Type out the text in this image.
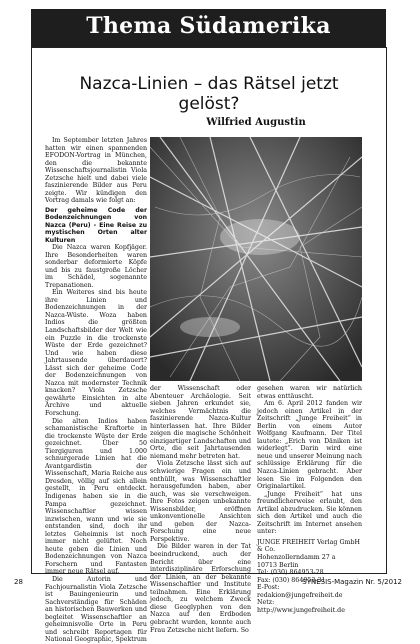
Thema Südamerika
Nazca-Linien – das Rätsel jetzt
gelöst?
Wilfried Augustin

Im September letzten Jahres hatten wir einen spannenden EFODON-Vortrag in München, den die bekannte Wissenschaftsjournalistin Viola Zetzsche hielt und dabei viele faszinierende Bilder aus Peru zeigte. Wir kündigen den Vortrag damals wie folgt an:

Der geheime Code der Bodenzeichnungen von Nazca (Peru) - Eine Reise zu mystischen Orten alter Kulturen

Die Nazca waren Kopfjäger. Ihre Besonderheiten waren sonderbar deformierte Köpfe und bis zu faustgroße Löcher im Schädel, sogenannte Trepanationen.

Ein Weiteres sind bis heute ihre Linien und Bodenzeichnungen in der Nazca-Wüste. Woza haben Indios die größten Landschaftsbilder der Welt wie ein Puzzle in die trockenste Wüste der Erde gezeichnet? Und wie haben diese Jahrtausende überdauert? Lässt sich der geheime Code der Bodenzeichnungen von Nazca mit modernster Technik knacken? Viola Zetzsche gewährte Einsichten in alte Archive und aktuelle Forschung.

Die alten Indios haben schamanistische Kraftorte in die trockenste Wüste der Erde gezeichnet. Über 50 Tiergiguren und 1.000 schnurgerade Linien hat die Avantgardistin der Wissenschaft, Maria Reiche aus Dresden, völlig auf sich allein gestellt, in Peru entdeckt. Indigenas haben sie in die Pampa gezeichnet. Wissenschaftler wissen inzwischen, wann und wie sie entstanden sind, doch ihr letztes Geheimnis ist noch immer nicht gelüftet. Noch heute geben die Linien und Bodenzeichnungen von Nazca Forschern und Fantasten immer neue Rätsel auf.

Die Autorin und Fachjournalistin Viola Zetzsche ist Bauingenieurin und Sachverständige für Schäden an historischen Bauwerken und begleitet Wissenschaftler an geheimnisvolle Orte in Peru und schreibt Reportagen für National Geographic, Spektrum

der Wissenschaft oder Abenteuer Archäologie. Seit sieben Jahren erkundet sie, welches Vermächtnis die faszinierende Nazca-Kultur hinterlassen hat. Ihre Bilder zeigen die magische Schönheit einzigartiger Landschaften und Orte, die seit Jahrtausenden niemand mehr betreten hat.

Viola Zetzsche lässt sich auf schwierige Fragen ein und enthüllt, was Wissenschaftler herausgefunden haben, aber auch, was sie verschweigen. Ihre Fotos zeigen unbekannte Wissensbilder, eröffnen unkonventionelle Ansichten und geben der Nazca-Forschung eine neue Perspektive.

Die Bilder waren in der Tat beeindruckend, auch der Bericht über eine interdisziplinäre Erforschung der Linien, an der bekannte Wissenschaftler und Institute teilnahmen. Eine Erklärung jedoch, zu welchem Zweck diese Geoglyphen von den Nazca auf den Erdboden gebracht wurden, konnte auch Frau Zetzsche nicht liefern. So

gesehen waren wir natürlich etwas enttäuscht.

Am 6. April 2012 fanden wir jedoch einen Artikel in der Zeitschrift „Junge Freiheit“ in Berlin von einem Autor Wolfgang Kaufmann. Der Titel lautete: „Erich von Däniken ist widerlegt“. Darin wird eine neue und unserer Meinung nach schlüssige Erklärung für die Nazca-Linien gebracht. Aber lesen Sie im Folgenden den Originalartikel.

„Junge Freiheit“ hat uns freundlicherweise erlaubt, den Artikel abzudrucken. Sie können sich den Artikel und auch die Zeitschrift im Internet ansehen unter:

JUNGE FREIHEIT Verlag GmbH
& Co.
Hohenzollerndamm 27 a
10713 Berlin
Tel: (030) 864953-28
Fax: (030) 864953-31
E-Post: redakion@jungefreiheit.de
Netz: http://www.jungefreiheit.de

28	SYNESIS-Magazin Nr. 5/2012
